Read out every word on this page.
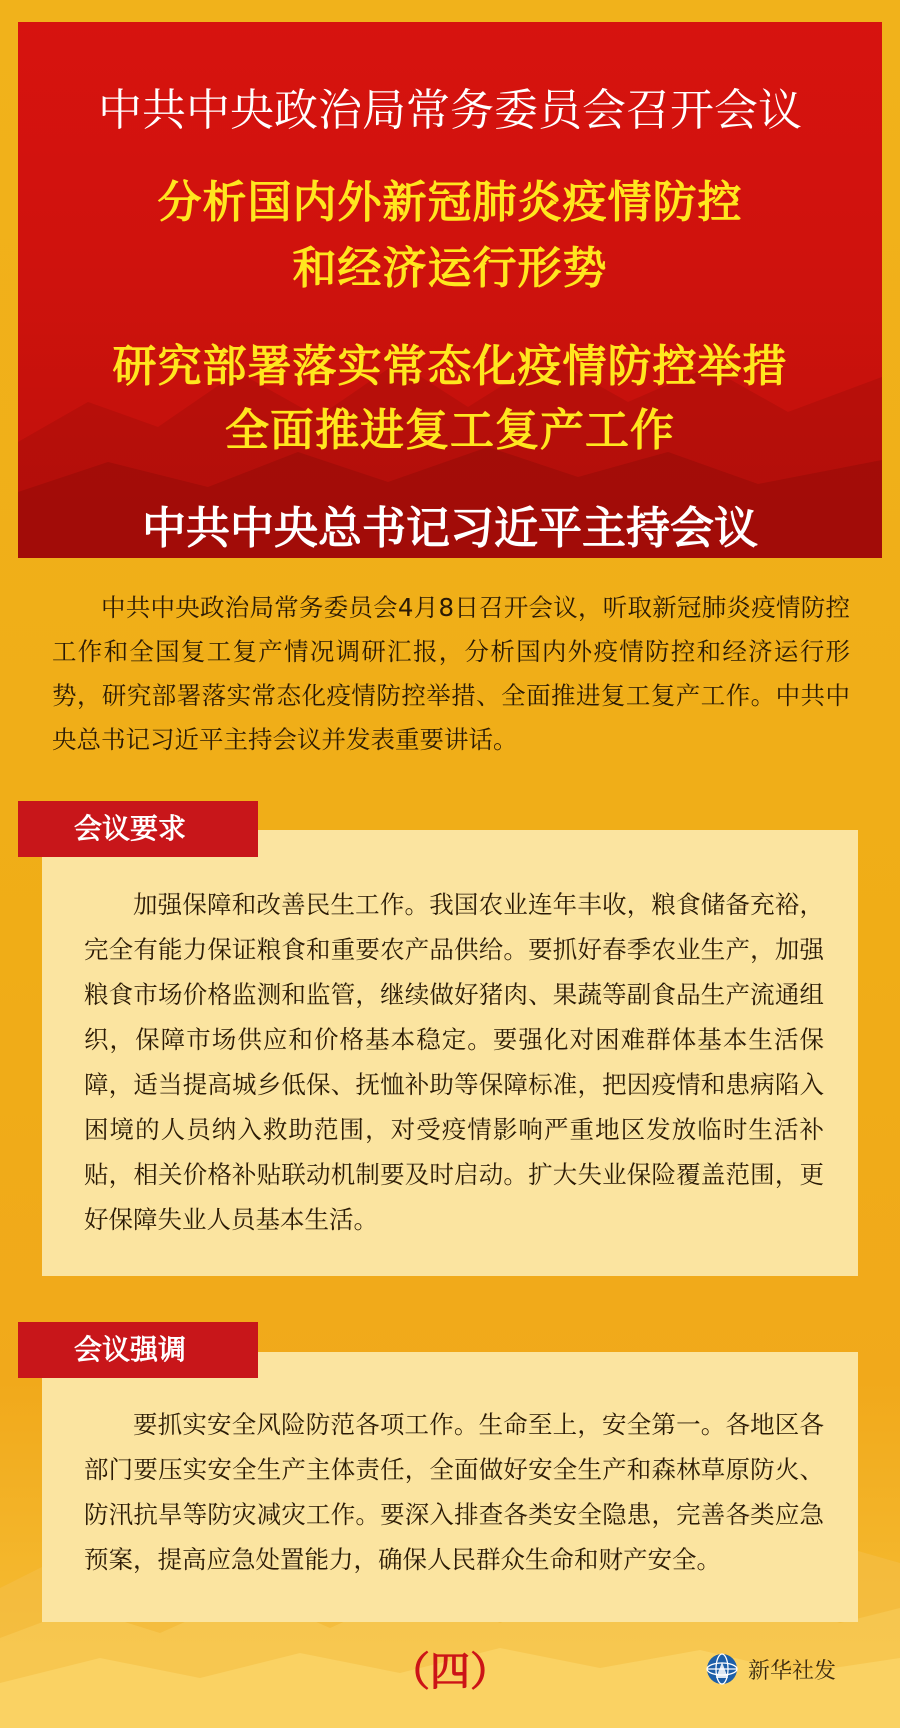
中共中央政治局常务委员会召开会议
分析国内外新冠肺炎疫情防控
和经济运行形势
研究部署落实常态化疫情防控举措
全面推进复工复产工作
中共中央总书记习近平主持会议

中共中央政治局常务委员会4月8日召开会议，听取新冠肺炎疫情防控工作和全国复工复产情况调研汇报，分析国内外疫情防控和经济运行形势，研究部署落实常态化疫情防控举措、全面推进复工复产工作。中共中央总书记习近平主持会议并发表重要讲话。

会议要求

加强保障和改善民生工作。我国农业连年丰收，粮食储备充裕，完全有能力保证粮食和重要农产品供给。要抓好春季农业生产，加强粮食市场价格监测和监管，继续做好猪肉、果蔬等副食品生产流通组织，保障市场供应和价格基本稳定。要强化对困难群体基本生活保障，适当提高城乡低保、抚恤补助等保障标准，把因疫情和患病陷入困境的人员纳入救助范围，对受疫情影响严重地区发放临时生活补贴，相关价格补贴联动机制要及时启动。扩大失业保险覆盖范围，更好保障失业人员基本生活。

会议强调

要抓实安全风险防范各项工作。生命至上，安全第一。各地区各部门要压实安全生产主体责任，全面做好安全生产和森林草原防火、防汛抗旱等防灾减灾工作。要深入排查各类安全隐患，完善各类应急预案，提高应急处置能力，确保人民群众生命和财产安全。

（四）	新华社发
